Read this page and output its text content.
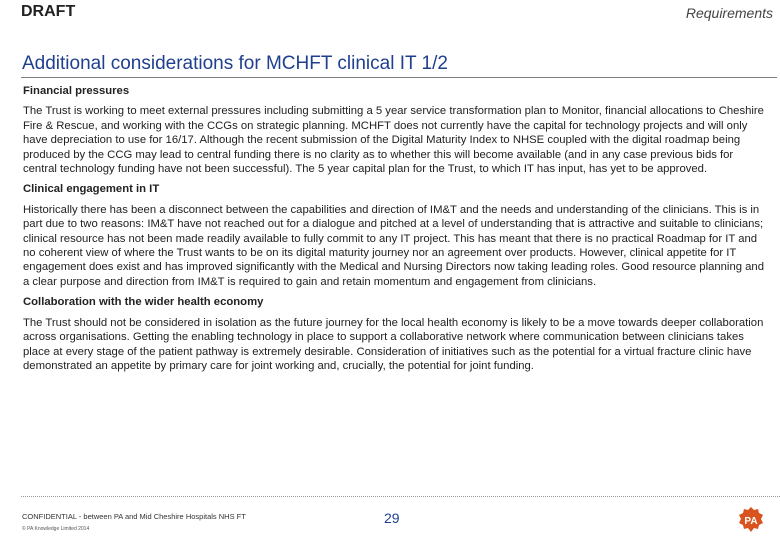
DRAFT	Requirements
Additional considerations for MCHFT clinical IT 1/2
Financial pressures
The Trust is working to meet external pressures including submitting a 5 year service transformation plan to Monitor, financial allocations to Cheshire Fire & Rescue, and working with the CCGs on strategic planning. MCHFT does not currently have the capital for technology projects and will only have depreciation to use for 16/17. Although the recent submission of the Digital Maturity Index to NHSE coupled with the digital roadmap being produced by the CCG may lead to central funding there is no clarity as to whether this will become available (and in any case previous bids for central technology funding have not been successful). The 5 year capital plan for the Trust, to which IT has input, has yet to be approved.
Clinical engagement in IT
Historically there has been a disconnect between the capabilities and direction of IM&T and the needs and understanding of the clinicians. This is in part due to two reasons: IM&T have not reached out for a dialogue and pitched at a level of understanding that is attractive and suitable to clinicians; clinical resource has not been made readily available to fully commit to any IT project. This has meant that there is no practical Roadmap for IT and no coherent view of where the Trust wants to be on its digital maturity journey nor an agreement over products. However, clinical appetite for IT engagement does exist and has improved significantly with the Medical and Nursing Directors now taking leading roles. Good resource planning and a clear purpose and direction from IM&T is required to gain and retain momentum and engagement from clinicians.
Collaboration with the wider health economy
The Trust should not be considered in isolation as the future journey for the local health economy is likely to be a move towards deeper collaboration across organisations. Getting the enabling technology in place to support a collaborative network where communication between clinicians takes place at every stage of the patient pathway is extremely desirable. Consideration of initiatives such as the potential for a virtual fracture clinic have demonstrated an appetite by primary care for joint working and, crucially, the potential for joint funding.
CONFIDENTIAL - between PA and Mid Cheshire Hospitals NHS FT
© PA Knowledge Limited 2014
29	PA
